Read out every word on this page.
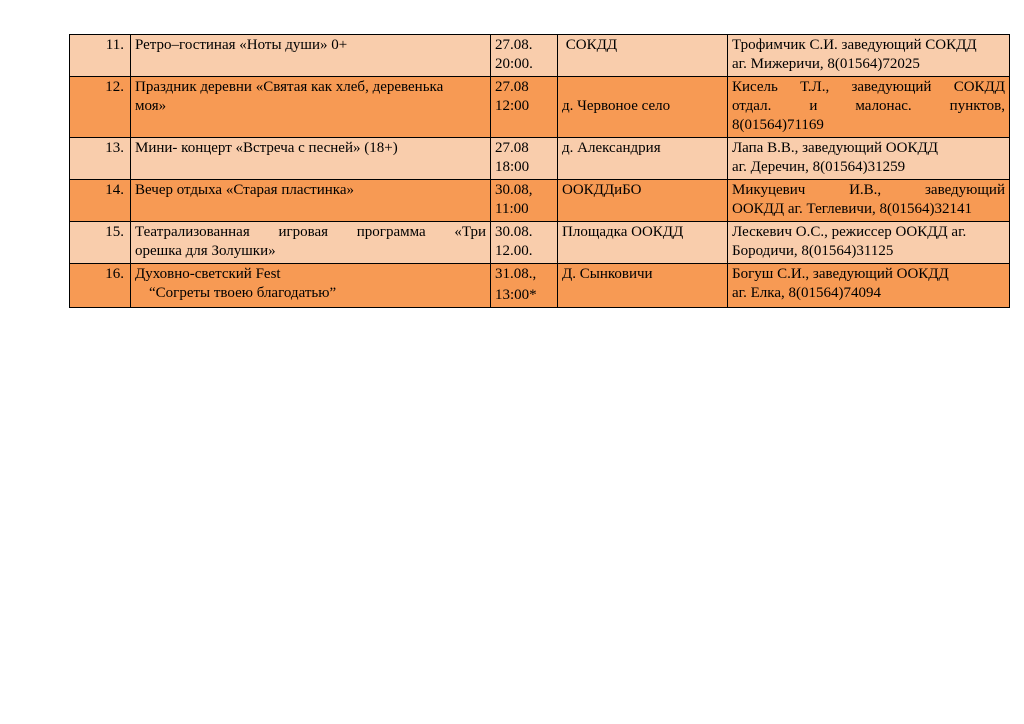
11.	Ретро–гостиная «Ноты души» 0+	27.08.
20:00.	СОКДД	Трофимчик С.И. заведующий СОКДД
аг. Мижеричи, 8(01564)72025

12.	Праздник деревни «Святая как хлеб, деревенька
моя»	27.08
12:00	д. Червоное село	Кисель Т.Л., заведующий СОКДД
отдал. и малонас. пунктов,
8(01564)71169

13.	Мини- концерт «Встреча с песней» (18+)	27.08
18:00	д. Александрия	Лапа В.В., заведующий ООКДД
аг. Деречин, 8(01564)31259

14.	Вечер отдыха «Старая пластинка»	30.08,
11:00	ООКДДиБО	Микуцевич И.В., заведующий
ООКДД аг. Теглевичи, 8(01564)32141

15.	Театрализованная игровая программа «Три
орешка для Золушки»	30.08.
12.00.	Площадка ООКДД	Лескевич О.С., режиссер ООКДД аг.
Бородичи, 8(01564)31125

16.	Духовно-светский Fest
“Согреты твоею благодатью”	31.08.,
13:00*	Д. Сынковичи	Богуш С.И., заведующий ООКДД
аг. Елка, 8(01564)74094
